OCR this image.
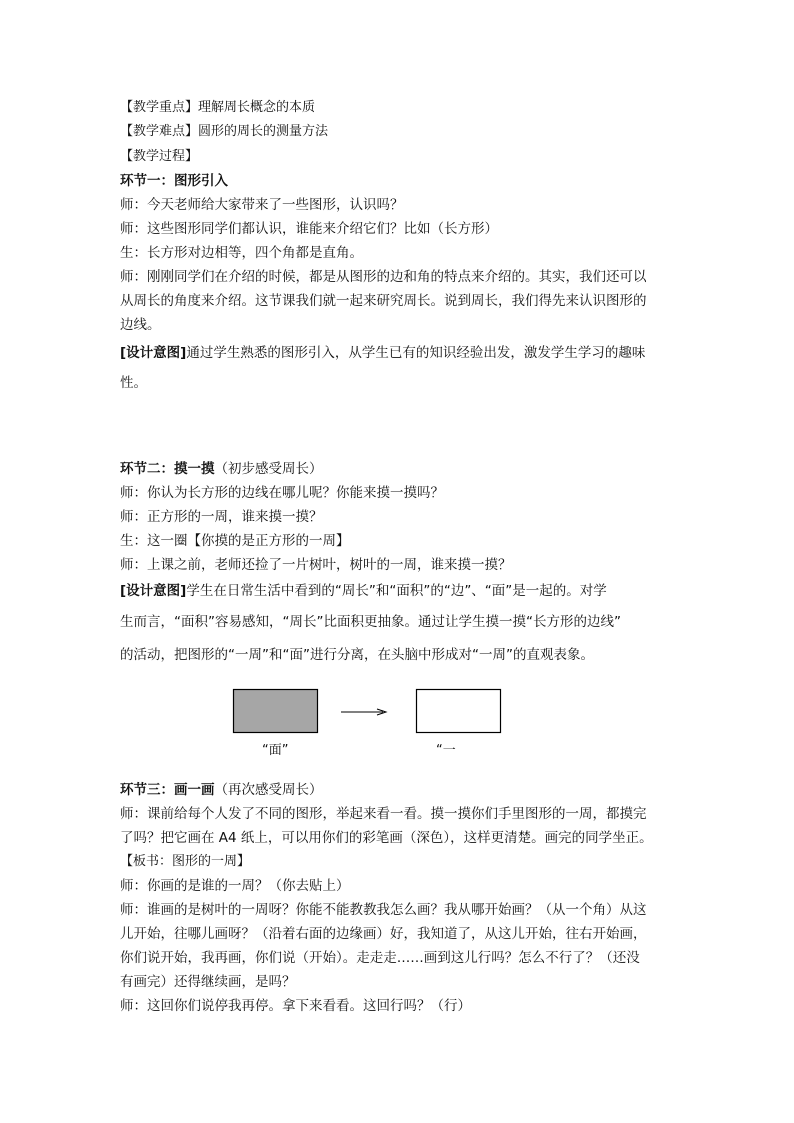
【教学重点】理解周长概念的本质
【教学难点】圆形的周长的测量方法
【教学过程】
环节一：图形引入
师：今天老师给大家带来了一些图形，认识吗？
师：这些图形同学们都认识，谁能来介绍它们？比如（长方形）
生：长方形对边相等，四个角都是直角。
师：刚刚同学们在介绍的时候，都是从图形的边和角的特点来介绍的。其实，我们还可以
从周长的角度来介绍。这节课我们就一起来研究周长。说到周长，我们得先来认识图形的
边线。
[设计意图]通过学生熟悉的图形引入，从学生已有的知识经验出发，激发学生学习的趣味
性。
环节二：摸一摸（初步感受周长）
师：你认为长方形的边线在哪儿呢？你能来摸一摸吗？
师：正方形的一周，谁来摸一摸？
生：这一圈【你摸的是正方形的一周】
师：上课之前，老师还捡了一片树叶，树叶的一周，谁来摸一摸？
[设计意图]学生在日常生活中看到的“周长”和“面积”的“边”、“面”是一起的。对学
生而言，“面积”容易感知，“周长”比面积更抽象。通过让学生摸一摸“长方形的边线”
的活动，把图形的“一周”和“面”进行分离，在头脑中形成对“一周”的直观表象。
“面”	“一
环节三：画一画（再次感受周长）
师：课前给每个人发了不同的图形，举起来看一看。摸一摸你们手里图形的一周，都摸完
了吗？把它画在 A4 纸上，可以用你们的彩笔画（深色），这样更清楚。画完的同学坐正。
【板书：图形的一周】
师：你画的是谁的一周？（你去贴上）
师：谁画的是树叶的一周呀？你能不能教教我怎么画？我从哪开始画？（从一个角）从这
儿开始，往哪儿画呀？（沿着右面的边缘画）好，我知道了，从这儿开始，往右开始画，
你们说开始，我再画，你们说（开始）。走走走……画到这儿行吗？怎么不行了？（还没
有画完）还得继续画，是吗？
师：这回你们说停我再停。拿下来看看。这回行吗？（行）
